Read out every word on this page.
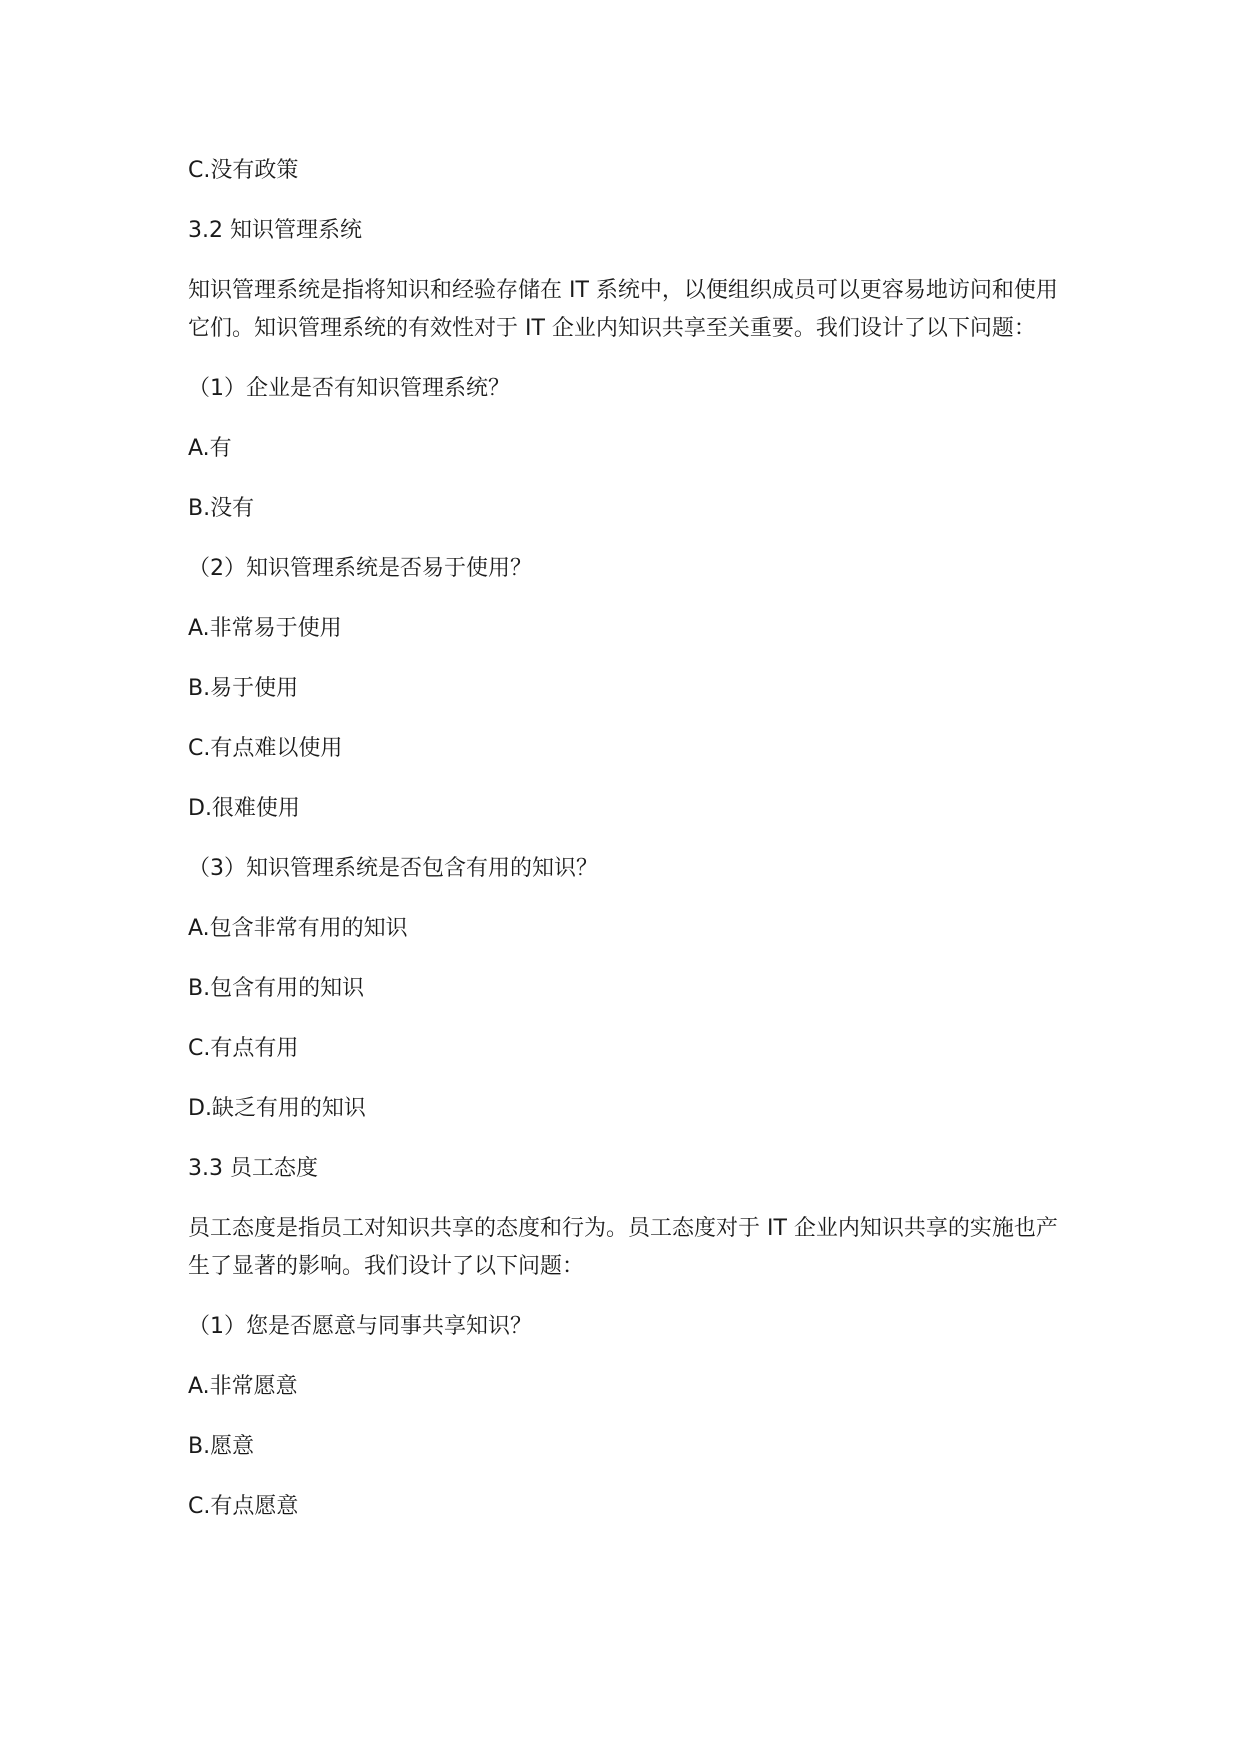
C.没有政策

3.2 知识管理系统

知识管理系统是指将知识和经验存储在 IT 系统中，以便组织成员可以更容易地访问和使用它们。知识管理系统的有效性对于 IT 企业内知识共享至关重要。我们设计了以下问题：

（1）企业是否有知识管理系统？

A.有

B.没有

（2）知识管理系统是否易于使用？

A.非常易于使用

B.易于使用

C.有点难以使用

D.很难使用

（3）知识管理系统是否包含有用的知识？

A.包含非常有用的知识

B.包含有用的知识

C.有点有用

D.缺乏有用的知识

3.3 员工态度

员工态度是指员工对知识共享的态度和行为。员工态度对于 IT 企业内知识共享的实施也产生了显著的影响。我们设计了以下问题：

（1）您是否愿意与同事共享知识？

A.非常愿意

B.愿意

C.有点愿意
